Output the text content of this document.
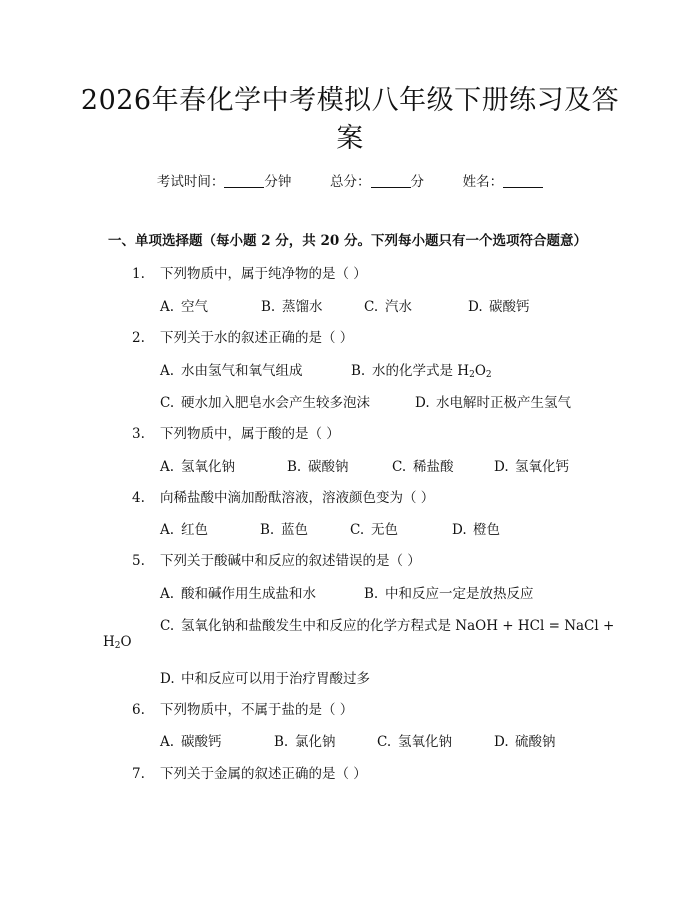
2026年春化学中考模拟八年级下册练习及答
案
考试时间：	分钟	总分：	分	姓名：
一、单项选择题（每小题 2 分，共 20 分。下列每小题只有一个选项符合题意）
1. 下列物质中，属于纯净物的是（ ）
A. 空气	B. 蒸馏水	C. 汽水	D. 碳酸钙
2. 下列关于水的叙述正确的是（ ）
A. 水由氢气和氧气组成	B. 水的化学式是 $H_2O_2$
C. 硬水加入肥皂水会产生较多泡沫	D. 水电解时正极产生氢气
3. 下列物质中，属于酸的是（ ）
A. 氢氧化钠	B. 碳酸钠	C. 稀盐酸	D. 氢氧化钙
4. 向稀盐酸中滴加酚酞溶液，溶液颜色变为（ ）
A. 红色	B. 蓝色	C. 无色	D. 橙色
5. 下列关于酸碱中和反应的叙述错误的是（ ）
A. 酸和碱作用生成盐和水	B. 中和反应一定是放热反应
C. 氢氧化钠和盐酸发生中和反应的化学方程式是 NaOH + HCl = NaCl +
$H_2O$
D. 中和反应可以用于治疗胃酸过多
6. 下列物质中，不属于盐的是（ ）
A. 碳酸钙	B. 氯化钠	C. 氢氧化钠	D. 硫酸钠
7. 下列关于金属的叙述正确的是（ ）
